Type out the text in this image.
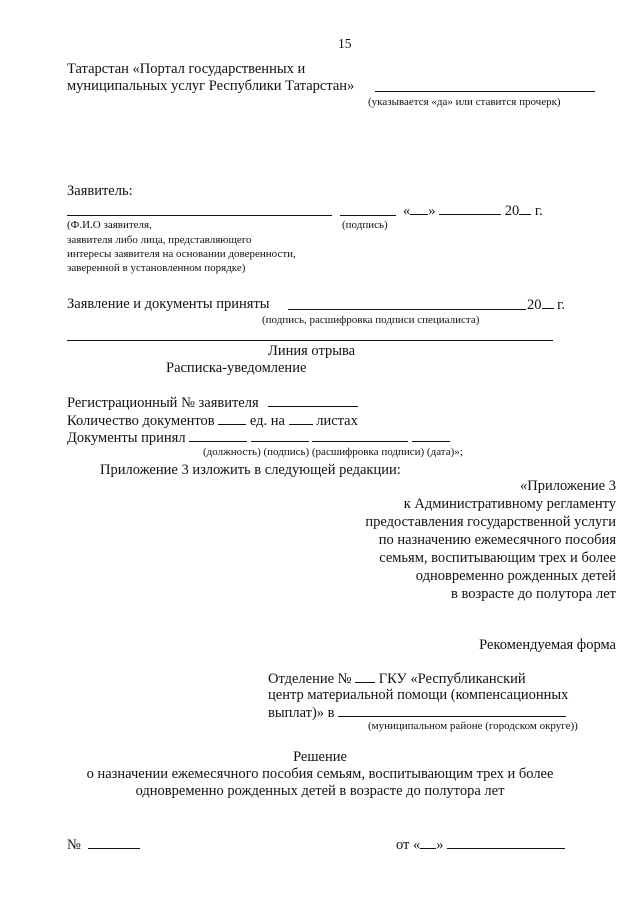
15
Татарстан «Портал государственных и
муниципальных услуг Республики Татарстан»
(указывается «да» или ставится прочерк)
Заявитель:
« »	20 г.
(Ф.И.О заявителя,	(подпись)
заявителя либо лица, представляющего
интересы заявителя на основании доверенности,
заверенной в установленном порядке)
Заявление и документы приняты	20 г.
(подпись, расшифровка подписи специалиста)
Линия отрыва
Расписка-уведомление
Регистрационный № заявителя
Количество документов ед. на листах
Документы принял
(должность) (подпись) (расшифровка подписи) (дата)»;
Приложение 3 изложить в следующей редакции:
«Приложение 3
к Административному регламенту
предоставления государственной услуги
по назначению ежемесячного пособия
семьям, воспитывающим трех и более
одновременно рожденных детей
в возрасте до полутора лет
Рекомендуемая форма
Отделение № ГКУ «Республиканский
центр материальной помощи (компенсационных
выплат)» в
(муниципальном районе (городском округе))
Решение
о назначении ежемесячного пособия семьям, воспитывающим трех и более
одновременно рожденных детей в возрасте до полутора лет
№	от « »
